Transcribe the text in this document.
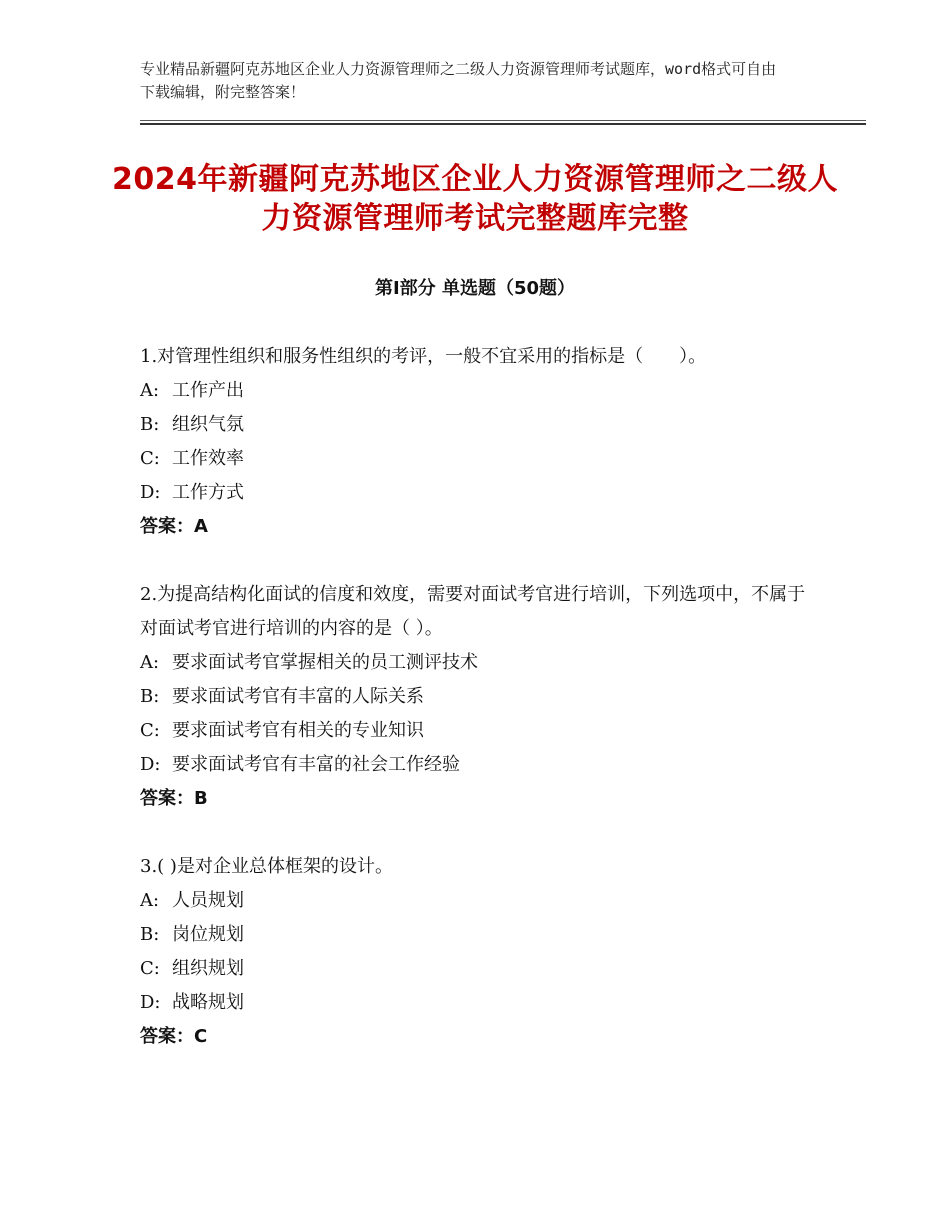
专业精品新疆阿克苏地区企业人力资源管理师之二级人力资源管理师考试题库，word格式可自由下载编辑，附完整答案！
2024年新疆阿克苏地区企业人力资源管理师之二级人力资源管理师考试完整题库完整
第Ⅰ部分 单选题（50题）

1.对管理性组织和服务性组织的考评，一般不宜采用的指标是（　　）。

A: 工作产出

B: 组织气氛

C: 工作效率

D: 工作方式

答案：A

2.为提高结构化面试的信度和效度，需要对面试考官进行培训，下列选项中，不属于对面试考官进行培训的内容的是（ ）。

A: 要求面试考官掌握相关的员工测评技术

B: 要求面试考官有丰富的人际关系

C: 要求面试考官有相关的专业知识

D: 要求面试考官有丰富的社会工作经验

答案：B

3.( )是对企业总体框架的设计。

A: 人员规划

B: 岗位规划

C: 组织规划

D: 战略规划

答案：C
